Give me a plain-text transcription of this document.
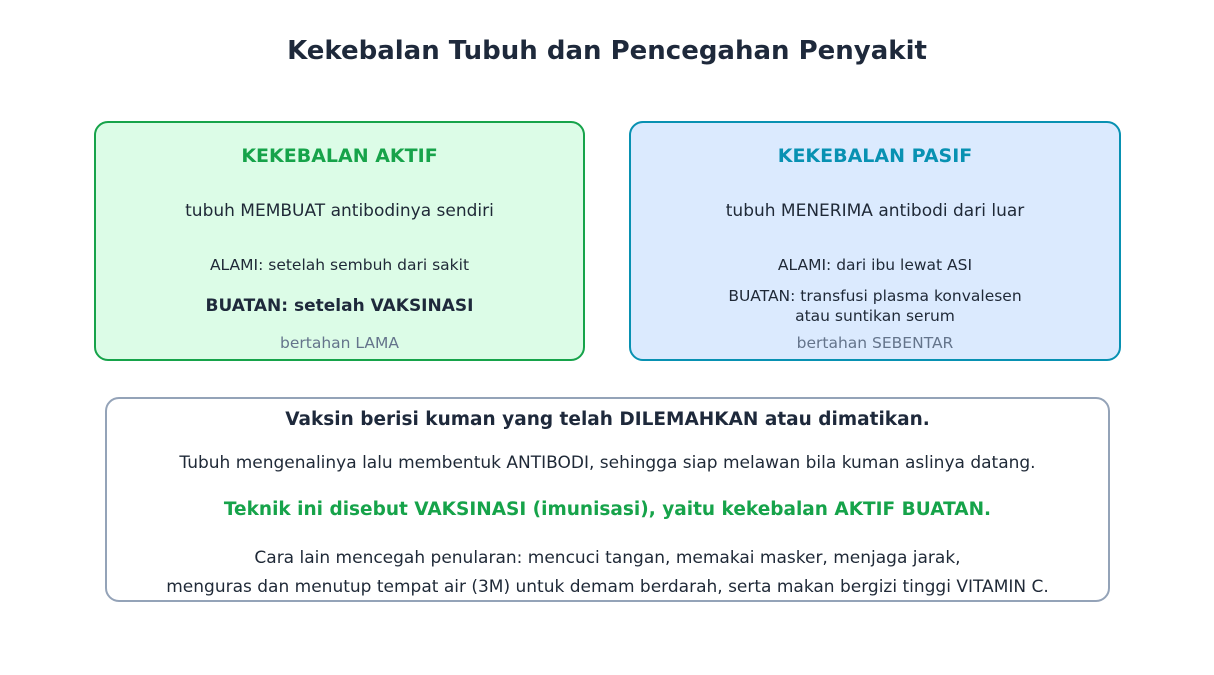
Kekebalan Tubuh dan Pencegahan Penyakit
KEKEBALAN AKTIF
tubuh MEMBUAT antibodinya sendiri
ALAMI: setelah sembuh dari sakit
BUATAN: setelah VAKSINASI
bertahan LAMA
KEKEBALAN PASIF
tubuh MENERIMA antibodi dari luar
ALAMI: dari ibu lewat ASI
BUATAN: transfusi plasma konvalesen
atau suntikan serum
bertahan SEBENTAR
Vaksin berisi kuman yang telah DILEMAHKAN atau dimatikan.
Tubuh mengenalinya lalu membentuk ANTIBODI, sehingga siap melawan bila kuman aslinya datang.
Teknik ini disebut VAKSINASI (imunisasi), yaitu kekebalan AKTIF BUATAN.
Cara lain mencegah penularan: mencuci tangan, memakai masker, menjaga jarak,
menguras dan menutup tempat air (3M) untuk demam berdarah, serta makan bergizi tinggi VITAMIN C.
